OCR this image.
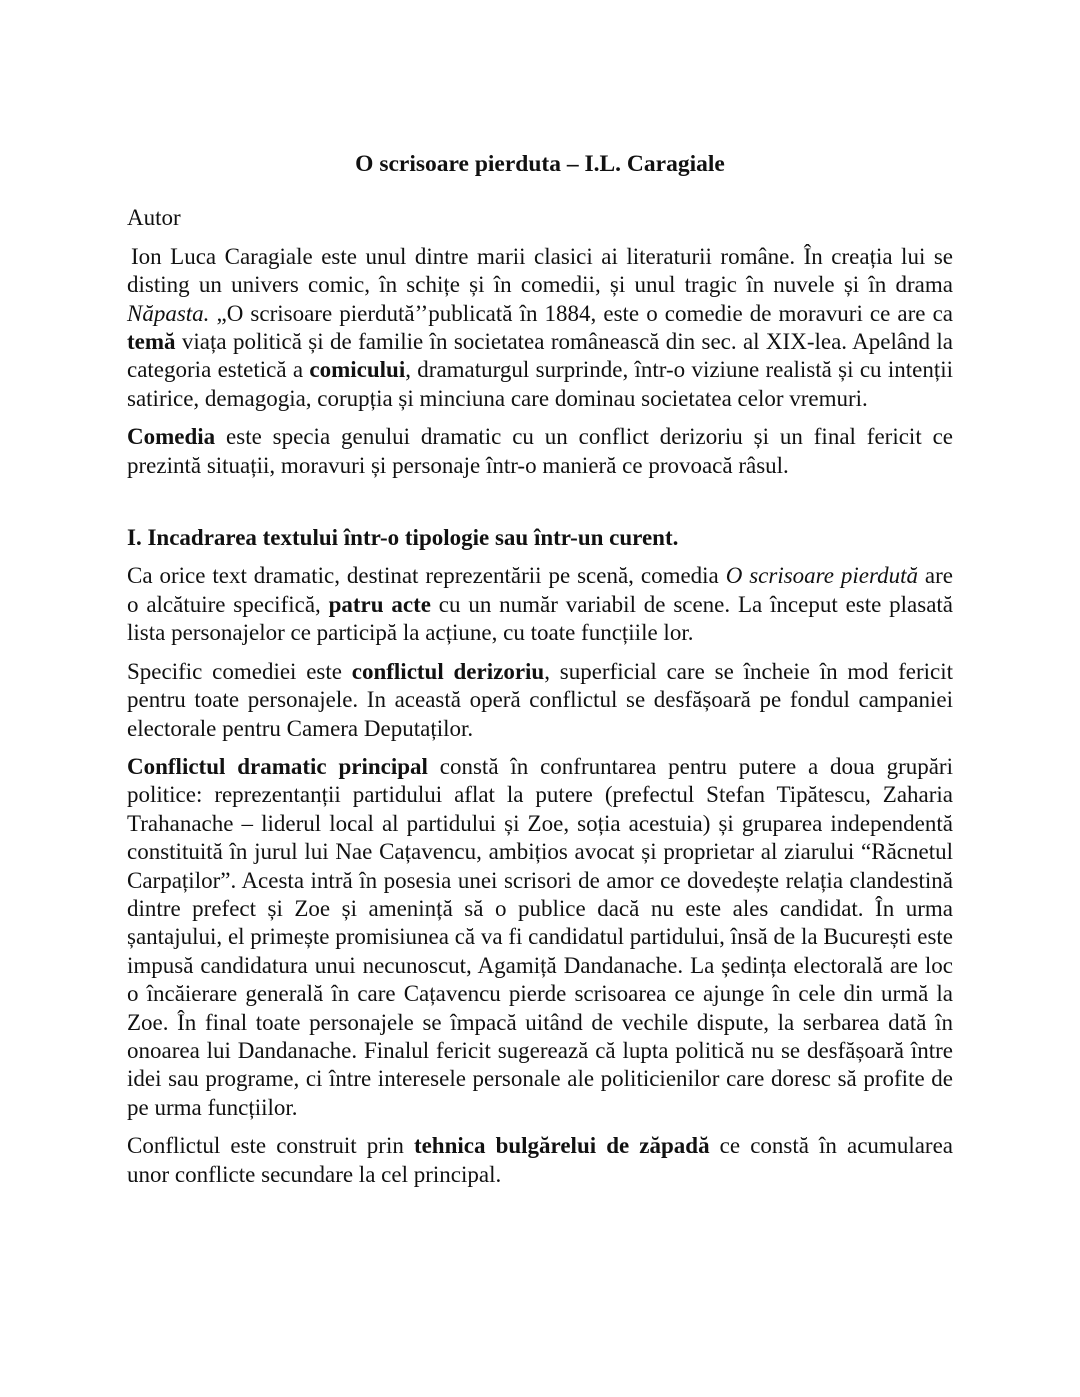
O scrisoare pierduta – I.L. Caragiale
Autor

Ion Luca Caragiale este unul dintre marii clasici ai literaturii române. În creația lui se disting un univers comic, în schițe și în comedii, și unul tragic în nuvele și în drama Năpasta. „O scrisoare pierdută’’publicată în 1884, este o comedie de moravuri ce are ca temă viața politică și de familie în societatea românească din sec. al XIX-lea. Apelând la categoria estetică a comicului, dramaturgul surprinde, într-o viziune realistă și cu intenții satirice, demagogia, corupția și minciuna care dominau societatea celor vremuri.

Comedia este specia genului dramatic cu un conflict derizoriu și un final fericit ce prezintă situații, moravuri și personaje într-o manieră ce provoacă râsul.

I. Incadrarea textului într-o tipologie sau într-un curent.

Ca orice text dramatic, destinat reprezentării pe scenă, comedia O scrisoare pierdută are o alcătuire specifică, patru acte cu un număr variabil de scene. La început este plasată lista personajelor ce participă la acțiune, cu toate funcțiile lor.

Specific comediei este conflictul derizoriu, superficial care se încheie în mod fericit pentru toate personajele. In această operă conflictul se desfășoară pe fondul campaniei electorale pentru Camera Deputaților.

Conflictul dramatic principal constă în confruntarea pentru putere a doua grupări politice: reprezentanții partidului aflat la putere (prefectul Stefan Tipătescu, Zaharia Trahanache – liderul local al partidului și Zoe, soția acestuia) și gruparea independentă constituită în jurul lui Nae Cațavencu, ambițios avocat și proprietar al ziarului “Răcnetul Carpaților”. Acesta intră în posesia unei scrisori de amor ce dovedește relația clandestină dintre prefect și Zoe și amenință să o publice dacă nu este ales candidat. În urma șantajului, el primește promisiunea că va fi candidatul partidului, însă de la București este impusă candidatura unui necunoscut, Agamiță Dandanache. La ședința electorală are loc o încăierare generală în care Cațavencu pierde scrisoarea ce ajunge în cele din urmă la Zoe. În final toate personajele se împacă uitând de vechile dispute, la serbarea dată în onoarea lui Dandanache. Finalul fericit sugerează că lupta politică nu se desfășoară între idei sau programe, ci între interesele personale ale politicienilor care doresc să profite de pe urma funcțiilor.

Conflictul este construit prin tehnica bulgărelui de zăpadă ce constă în acumularea unor conflicte secundare la cel principal.
